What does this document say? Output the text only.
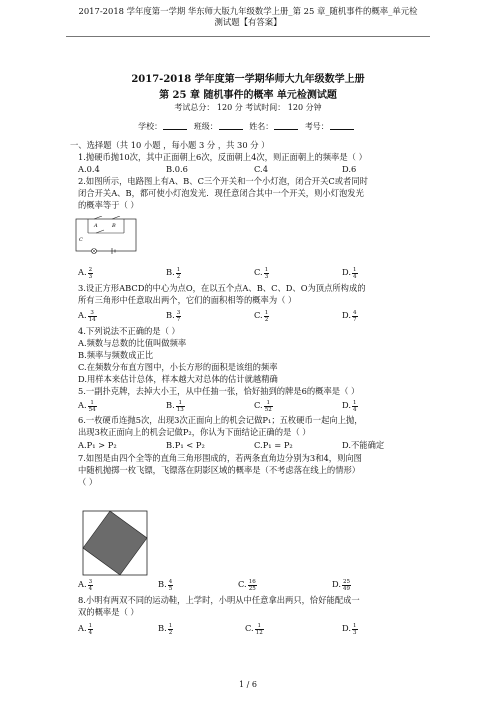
2017-2018 学年度第一学期 华东师大版九年级数学上册_第 25 章_随机事件的概率_单元检
测试题【有答案】
2017-2018 学年度第一学期华师大九年级数学上册
第 25 章 随机事件的概率 单元检测试题
考试总分： 120 分 考试时间： 120 分钟
学校：	班级：	姓名：	考号：
一、选择题（共 10 小题 ，每小题 3 分 ，共 30 分 ）
1.抛硬币抛10次，其中正面朝上6次，反面朝上4次，则正面朝上的频率是（ ）
A.0.4	B.0.6	C.4	D.6
2.如图所示，电路图上有A、B、C三个开关和一个小灯泡，闭合开关C或者同时
闭合开关A、B，都可使小灯泡发光．现任意闭合其中一个开关，则小灯泡发光
的概率等于（ ）
A	B
C
A. $\frac{2}{3}$	B. $\frac{1}{2}$	C. $\frac{1}{3}$	D. $\frac{1}{4}$
3.设正方形ABCD的中心为点O，在以五个点A、B、C、D、O为顶点所构成的
所有三角形中任意取出两个，它们的面积相等的概率为（ ）
A. $\frac{3}{14}$	B. $\frac{3}{7}$	C. $\frac{1}{2}$	D. $\frac{4}{7}$
4.下列说法不正确的是（ ）
A.频数与总数的比值叫做频率
B.频率与频数成正比
C.在频数分布直方图中，小长方形的面积是该组的频率
D.用样本来估计总体，样本越大对总体的估计就越精确
5.一副扑克牌，去掉大小王，从中任抽一张，恰好抽到的牌是6的概率是（ ）
A. $\frac{1}{54}$	B. $\frac{1}{13}$	C. $\frac{1}{52}$	D. $\frac{1}{4}$
6.一枚硬币连抛5次，出现3次正面向上的机会记做P₁；五枚硬币一起向上抛，
出现3枚正面向上的机会记做P₂，你认为下面结论正确的是（ ）
A.P₁ > P₂	B.P₁ < P₂	C.P₁ = P₂	D.不能确定
7.如图是由四个全等的直角三角形围成的，若两条直角边分别为3和4，则向图
中随机抛掷一枚飞镖，飞镖落在阴影区域的概率是（不考虑落在线上的情形）
（ ）
A. $\frac{3}{4}$	B. $\frac{4}{5}$	C. $\frac{16}{25}$	D. $\frac{25}{49}$
8.小明有两双不同的运动鞋，上学时，小明从中任意拿出两只，恰好能配成一
双的概率是（ ）
A. $\frac{1}{4}$	B. $\frac{1}{2}$	C. $\frac{1}{12}$	D. $\frac{1}{3}$
1 / 6
